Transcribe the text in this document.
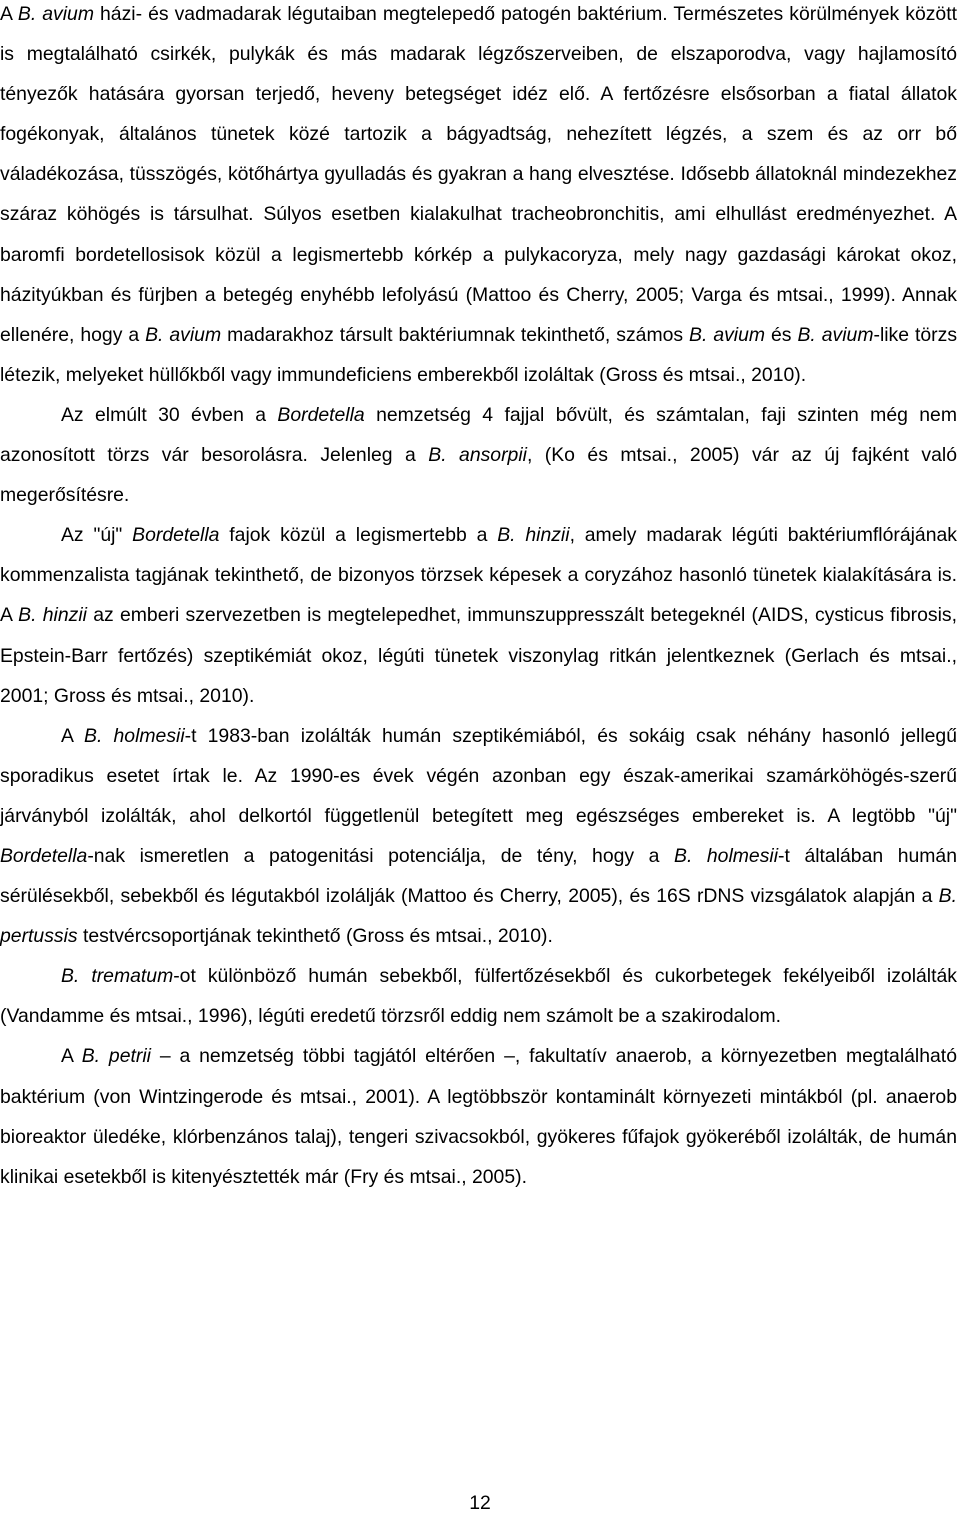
A B. avium házi- és vadmadarak légutaiban megtelepedő patogén baktérium. Természetes körülmények között is megtalálható csirkék, pulykák és más madarak légzőszerveiben, de elszaporodva, vagy hajlamosító tényezők hatására gyorsan terjedő, heveny betegséget idéz elő. A fertőzésre elsősorban a fiatal állatok fogékonyak, általános tünetek közé tartozik a bágyadtság, nehezített légzés, a szem és az orr bő váladékozása, tüsszögés, kötőhártya gyulladás és gyakran a hang elvesztése. Idősebb állatoknál mindezekhez száraz köhögés is társulhat. Súlyos esetben kialakulhat tracheobronchitis, ami elhullást eredményezhet. A baromfi bordetellosisok közül a legismertebb kórkép a pulykacoryza, mely nagy gazdasági károkat okoz, házityúkban és fürjben a betegég enyhébb lefolyású (Mattoo és Cherry, 2005; Varga és mtsai., 1999). Annak ellenére, hogy a B. avium madarakhoz társult baktériumnak tekinthető, számos B. avium és B. avium-like törzs létezik, melyeket hüllőkből vagy immundeficiens emberekből izoláltak (Gross és mtsai., 2010).

Az elmúlt 30 évben a Bordetella nemzetség 4 fajjal bővült, és számtalan, faji szinten még nem azonosított törzs vár besorolásra. Jelenleg a B. ansorpii, (Ko és mtsai., 2005) vár az új fajként való megerősítésre.

Az "új" Bordetella fajok közül a legismertebb a B. hinzii, amely madarak légúti baktériumflórájának kommenzalista tagjának tekinthető, de bizonyos törzsek képesek a coryzához hasonló tünetek kialakítására is. A B. hinzii az emberi szervezetben is megtelepedhet, immunszuppresszált betegeknél (AIDS, cysticus fibrosis, Epstein-Barr fertőzés) szeptikémiát okoz, légúti tünetek viszonylag ritkán jelentkeznek (Gerlach és mtsai., 2001; Gross és mtsai., 2010).

A B. holmesii-t 1983-ban izolálták humán szeptikémiából, és sokáig csak néhány hasonló jellegű sporadikus esetet írtak le. Az 1990-es évek végén azonban egy észak-amerikai szamárköhögés-szerű járványból izolálták, ahol delkortól függetlenül betegített meg egészséges embereket is. A legtöbb "új" Bordetella-nak ismeretlen a patogenitási potenciálja, de tény, hogy a B. holmesii-t általában humán sérülésekből, sebekből és légutakból izolálják (Mattoo és Cherry, 2005), és 16S rDNS vizsgálatok alapján a B. pertussis testvércsoportjának tekinthető (Gross és mtsai., 2010).

B. trematum-ot különböző humán sebekből, fülfertőzésekből és cukorbetegek fekélyeiből izolálták (Vandamme és mtsai., 1996), légúti eredetű törzsről eddig nem számolt be a szakirodalom.

A B. petrii – a nemzetség többi tagjától eltérően –, fakultatív anaerob, a környezetben megtalálható baktérium (von Wintzingerode és mtsai., 2001). A legtöbbször kontaminált környezeti mintákból (pl. anaerob bioreaktor üledéke, klórbenzános talaj), tengeri szivacsokból, gyökeres fűfajok gyökeréből izolálták, de humán klinikai esetekből is kitenyésztették már (Fry és mtsai., 2005).

12
